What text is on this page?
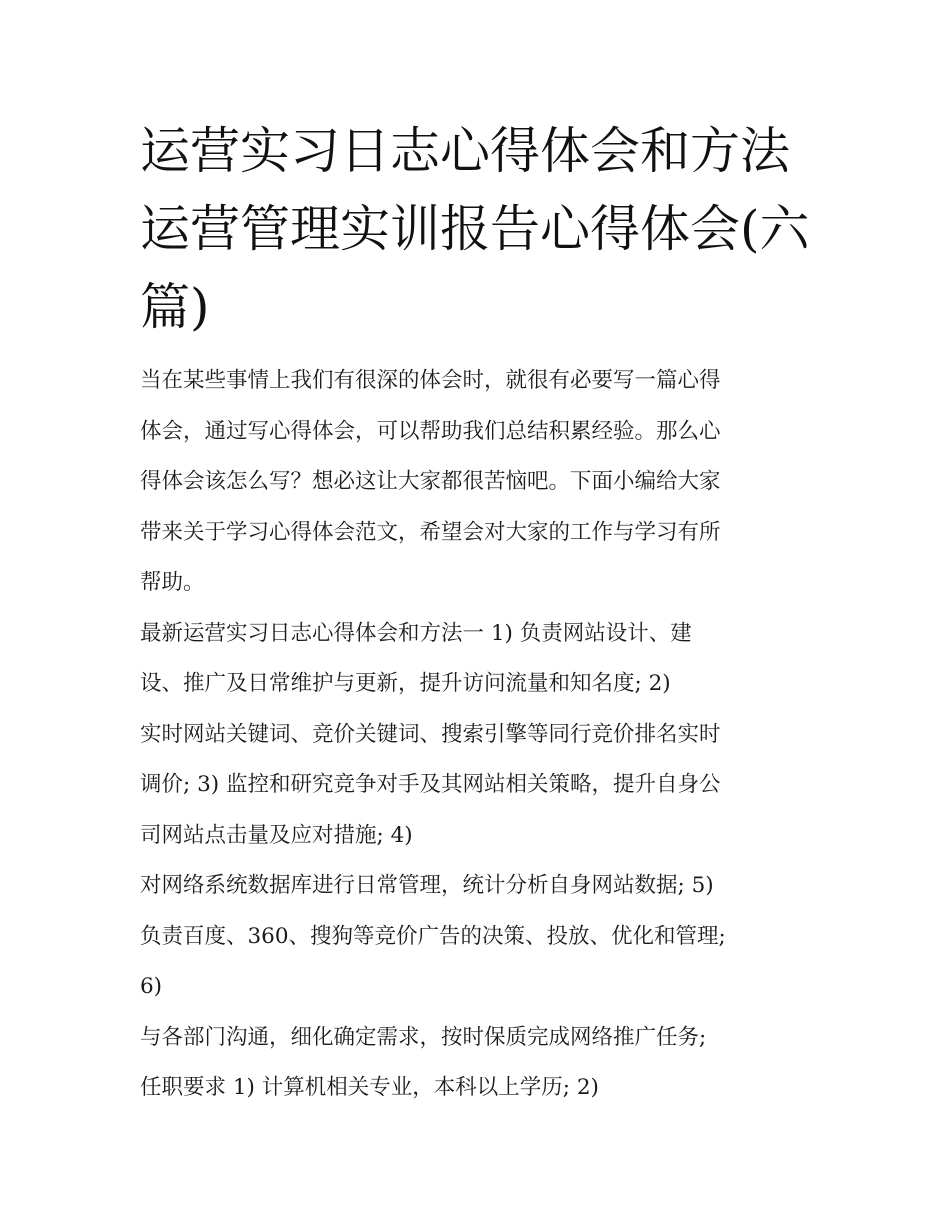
运营实习日志心得体会和方法
运营管理实训报告心得体会(六
篇)
当在某些事情上我们有很深的体会时，就很有必要写一篇心得
体会，通过写心得体会，可以帮助我们总结积累经验。那么心
得体会该怎么写？想必这让大家都很苦恼吧。下面小编给大家
带来关于学习心得体会范文，希望会对大家的工作与学习有所
帮助。
最新运营实习日志心得体会和方法一 1) 负责网站设计、建
设、推广及日常维护与更新，提升访问流量和知名度; 2)
实时网站关键词、竞价关键词、搜索引擎等同行竞价排名实时
调价; 3) 监控和研究竞争对手及其网站相关策略，提升自身公
司网站点击量及应对措施; 4)
对网络系统数据库进行日常管理，统计分析自身网站数据; 5)
负责百度、360、搜狗等竞价广告的决策、投放、优化和管理;
6)
与各部门沟通，细化确定需求，按时保质完成网络推广任务;
任职要求 1) 计算机相关专业，本科以上学历; 2)
